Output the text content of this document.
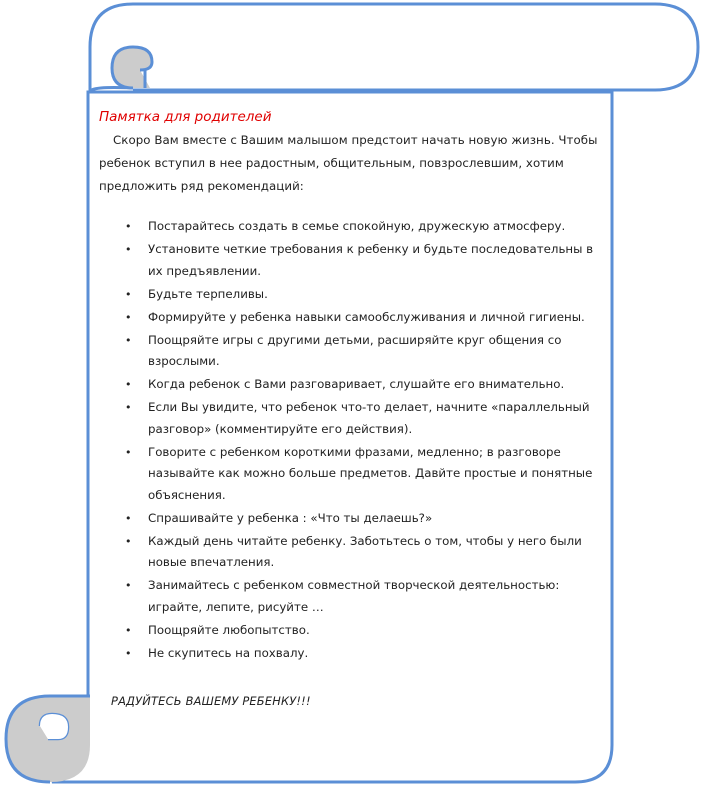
Памятка для родителей

Скоро Вам вместе с Вашим малышом предстоит начать новую жизнь. Чтобы ребенок вступил в нее радостным, общительным, повзрослевшим, хотим предложить ряд рекомендаций:

• Постарайтесь создать в семье спокойную, дружескую атмосферу.
• Установите четкие требования к ребенку и будьте последовательны в их предъявлении.
• Будьте терпеливы.
• Формируйте у ребенка навыки самообслуживания и личной гигиены.
• Поощряйте игры с другими детьми, расширяйте круг общения со взрослыми.
• Когда ребенок с Вами разговаривает, слушайте его внимательно.
• Если Вы увидите, что ребенок что-то делает, начните «параллельный разговор» (комментируйте его действия).
• Говорите с ребенком короткими фразами, медленно; в разговоре называйте как можно больше предметов. Давйте простые и понятные объяснения.
• Спрашивайте у ребенка : «Что ты делаешь?»
• Каждый день читайте ребенку. Заботьтесь о том, чтобы у него были новые впечатления.
• Занимайтесь с ребенком совместной творческой деятельностью: играйте, лепите, рисуйте …
• Поощряйте любопытство.
• Не скупитесь на похвалу.

РАДУЙТЕСЬ ВАШЕМУ РЕБЕНКУ!!!
